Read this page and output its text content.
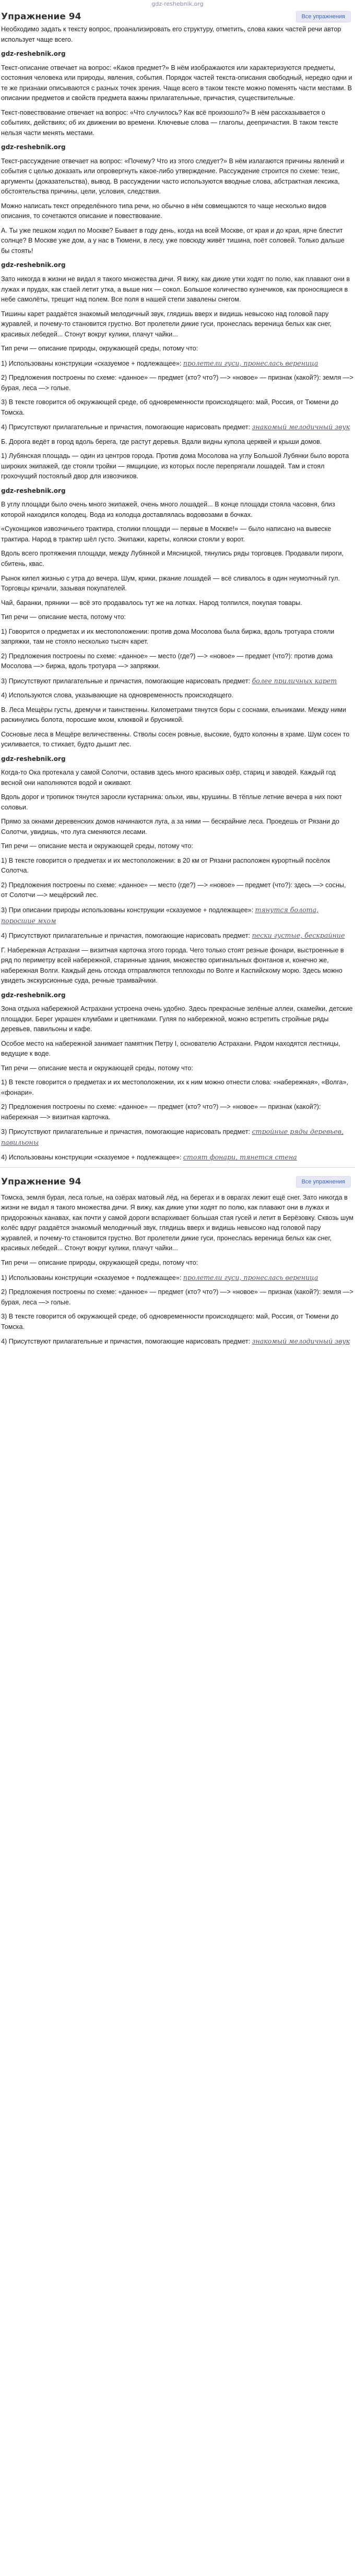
gdz-reshebnik.org
Упражнение 94	Все упражнения

Необходимо задать к тексту вопрос, проанализировать его структуру, отметить, слова каких частей речи автор использует чаще всего.

gdz-reshebnik.org

Текст-описание отвечает на вопрос: «Каков предмет?» В нём изображаются или характеризуются предметы, состояния человека или природы, явления, события. Порядок частей текста-описания свободный, нередко одни и те же признаки описываются с разных точек зрения. Чаще всего в таком тексте можно поменять части местами. В описании предметов и свойств предмета важны прилагательные, причастия, существительные.

Текст-повествование отвечает на вопрос: «Что случилось? Как всё произошло?» В нём рассказывается о событиях, действиях; об их движении во времени. Ключевые слова — глаголы, деепричастия. В таком тексте нельзя части менять местами.

gdz-reshebnik.org

Текст-рассуждение отвечает на вопрос: «Почему? Что из этого следует?» В нём излагаются причины явлений и события с целью доказать или опровергнуть какое-либо утверждение. Рассуждение строится по схеме: тезис, аргументы (доказательства), вывод. В рассуждении часто используются вводные слова, абстрактная лексика, обстоятельства причины, цели, условия, следствия.

Можно написать текст определённого типа речи, но обычно в нём совмещаются то чаще несколько видов описания, то сочетаются описание и повествование.

А. Ты уже пешком ходил по Москве? Бывает в году день, когда на всей Москве, от края и до края, ярче блестит солнце? В Москве уже дом, а у нас в Тюмени, в лесу, уже повсюду живёт тишина, поёт соловей. Только дальше бы стоять!

gdz-reshebnik.org

Зато никогда в жизни не видал я такого множества дичи. Я вижу, как дикие утки ходят по полю, как плавают они в лужах и прудах, как стаей летит утка, а выше них — сокол. Большое количество кузнечиков, как проносящиеся в небе самолёты, трещит над полем. Все поля в нашей степи завалены снегом.

Тишины карет раздаётся знакомый мелодичный звук, глядишь вверх и видишь невысоко над головой пару журавлей, и почему-то становится грустно. Вот пролетели дикие гуси, пронеслась вереница белых как снег, красивых лебедей... Стонут вокруг кулики, плачут чайки...

Тип речи — описание природы, окружающей среды, потому что:

1) Использованы конструкции «сказуемое + подлежащее»: пролетели гуси, пронеслась вереница

2) Предложения построены по схеме: «данное» — предмет (кто? что?) —> «новое» — признак (какой?): земля —> бурая, леса —> голые.

3) В тексте говорится об окружающей среде, об одновременности происходящего: май, Россия, от Тюмени до Томска.

4) Присутствуют прилагательные и причастия, помогающие нарисовать предмет: знакомый мелодичный звук

Б. Дорога ведёт в город вдоль берега, где растут деревья. Вдали видны купола церквей и крыши домов.

1) Лубянская площадь — один из центров города. Против дома Мосолова на углу Большой Лубянки было ворота широких экипажей, где стояли тройки — ямщицкие, из которых после перепрягали лошадей. Там и стоял грохочущий постоялый двор для извозчиков.

gdz-reshebnik.org

В углу площади было очень много экипажей, очень много лошадей... В конце площади стояла часовня, близ которой находился колодец. Вода из колодца доставлялась водовозами в бочках.

«Суконщиков извозчичьего трактира, столики площади — первые в Москве!» — было написано на вывеске трактира. Народ в трактир шёл густо. Экипажи, кареты, коляски стояли у ворот.

Вдоль всего протяжения площади, между Лубянкой и Мясницкой, тянулись ряды торговцев. Продавали пироги, сбитень, квас.

Рынок кипел жизнью с утра до вечера. Шум, крики, ржание лошадей — всё сливалось в один неумолчный гул. Торговцы кричали, зазывая покупателей.

Чай, баранки, пряники — всё это продавалось тут же на лотках. Народ толпился, покупая товары.

Тип речи — описание места, потому что:

1) Говорится о предметах и их местоположении: против дома Мосолова была биржа, вдоль тротуара стояли запряжки, там не стояло несколько тысяч карет.

2) Предложения построены по схеме: «данное» — место (где?) —> «новое» — предмет (что?): против дома Мосолова —> биржа, вдоль тротуара —> запряжки.

3) Присутствуют прилагательные и причастия, помогающие нарисовать предмет: более приличных карет

4) Используются слова, указывающие на одновременность происходящего.

В. Леса Мещёры густы, дремучи и таинственны. Километрами тянутся боры с соснами, ельниками. Между ними раскинулись болота, поросшие мхом, клюквой и брусникой.

Сосновые леса в Мещёре величественны. Стволы сосен ровные, высокие, будто колонны в храме. Шум сосен то усиливается, то стихает, будто дышит лес.

gdz-reshebnik.org

Когда-то Ока протекала у самой Солотчи, оставив здесь много красивых озёр, стариц и заводей. Каждый год весной они наполняются водой и оживают.

Вдоль дорог и тропинок тянутся заросли кустарника: ольхи, ивы, крушины. В тёплые летние вечера в них поют соловьи.

Прямо за окнами деревенских домов начинаются луга, а за ними — бескрайние леса. Проедешь от Рязани до Солотчи, увидишь, что луга сменяются лесами.

Тип речи — описание места и окружающей среды, потому что:

1) В тексте говорится о предметах и их местоположении: в 20 км от Рязани расположен курортный посёлок Солотча.

2) Предложения построены по схеме: «данное» — место (где?) —> «новое» — предмет (что?): здесь —> сосны, от Солотчи —> мещёрский лес.

3) При описании природы использованы конструкции «сказуемое + подлежащее»: тянутся болота, поросшие мхом

4) Присутствуют прилагательные и причастия, помогающие нарисовать предмет: пески густые, бескрайние

Г. Набережная Астрахани — визитная карточка этого города. Чего только стоят резные фонари, выстроенные в ряд по периметру всей набережной, старинные здания, множество оригинальных фонтанов и, конечно же, набережная Волги. Каждый день отсюда отправляются теплоходы по Волге и Каспийскому морю. Здесь можно увидеть экскурсионные суда, речные трамвайчики.

gdz-reshebnik.org

Зона отдыха набережной Астрахани устроена очень удобно. Здесь прекрасные зелёные аллеи, скамейки, детские площадки. Берег украшен клумбами и цветниками. Гуляя по набережной, можно встретить стройные ряды деревьев, павильоны и кафе.

Особое место на набережной занимает памятник Петру I, основателю Астрахани. Рядом находятся лестницы, ведущие к воде.

Тип речи — описание места и окружающей среды, потому что:

1) В тексте говорится о предметах и их местоположении, их к ним можно отнести слова: «набережная», «Волга», «фонари».

2) Предложения построены по схеме: «данное» — предмет (кто? что?) —> «новое» — признак (какой?): набережная —> визитная карточка.

3) Присутствуют прилагательные и причастия, помогающие нарисовать предмет: стройные ряды деревьев, павильоны

4) Использованы конструкции «сказуемое + подлежащее»: стоят фонари, тянется стена

Упражнение 94	Все упражнения

Томска, земля бурая, леса голые, на озёрах матовый лёд, на берегах и в оврагах лежит ещё снег. Зато никогда в жизни не видал я такого множества дичи. Я вижу, как дикие утки ходят по полю, как плавают они в лужах и придорожных канавах, как почти у самой дороги вспархивает большая стая гусей и летит в Берёзовку. Сквозь шум колёс вдруг раздаётся знакомый мелодичный звук, глядишь вверх и видишь невысоко над головой пару журавлей, и почему-то становится грустно. Вот пролетели дикие гуси, пронеслась вереница белых как снег, красивых лебедей... Стонут вокруг кулики, плачут чайки...

Тип речи — описание природы, окружающей среды, потому что:

1) Использованы конструкции «сказуемое + подлежащее»: пролетели гуси, пронеслась вереница

2) Предложения построены по схеме: «данное» — предмет (кто? что?) —> «новое» — признак (какой?): земля —> бурая, леса —> голые.

3) В тексте говорится об окружающей среде, об одновременности происходящего: май, Россия, от Тюмени до Томска.

4) Присутствуют прилагательные и причастия, помогающие нарисовать предмет: знакомый мелодичный звук
